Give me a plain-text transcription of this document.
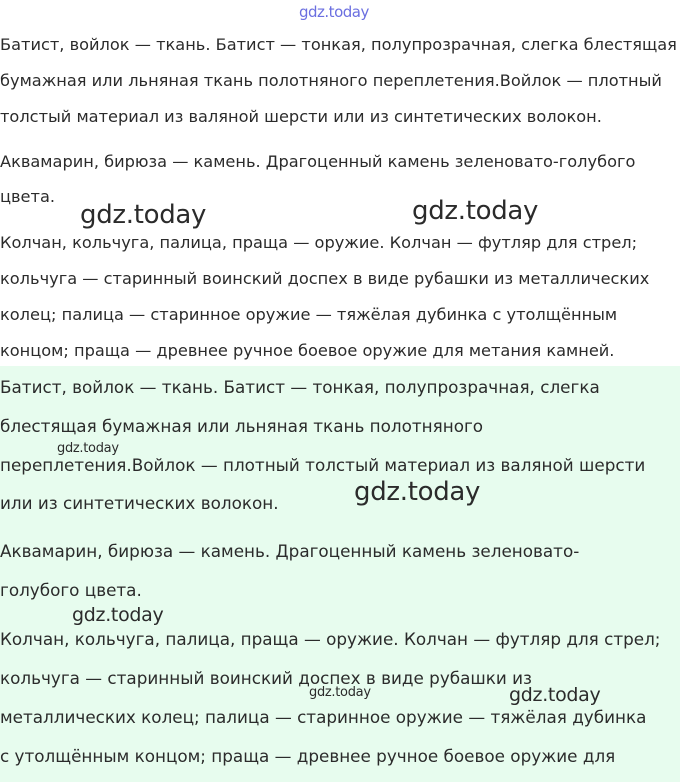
gdz.today
Батист, войлок — ткань. Батист — тонкая, полупрозрачная, слегка блестящая
бумажная или льняная ткань полотняного переплетения.Войлок — плотный
толстый материал из валяной шерсти или из синтетических волокон.
Аквамарин, бирюза — камень. Драгоценный камень зеленовато-голубого
цвета.
Колчан, кольчуга, палица, праща — оружие. Колчан — футляр для стрел;
кольчуга — старинный воинский доспех в виде рубашки из металлических
колец; палица — старинное оружие — тяжёлая дубинка с утолщённым
концом; праща — древнее ручное боевое оружие для метания камней.
Батист, войлок — ткань. Батист — тонкая, полупрозрачная, слегка
блестящая бумажная или льняная ткань полотняного
переплетения.Войлок — плотный толстый материал из валяной шерсти
или из синтетических волокон.
Аквамарин, бирюза — камень. Драгоценный камень зеленовато-
голубого цвета.
Колчан, кольчуга, палица, праща — оружие. Колчан — футляр для стрел;
кольчуга — старинный воинский доспех в виде рубашки из
металлических колец; палица — старинное оружие — тяжёлая дубинка
с утолщённым концом; праща — древнее ручное боевое оружие для
gdz.today	gdz.today
gdz.today
gdz.today
gdz.today
gdz.today	gdz.today
